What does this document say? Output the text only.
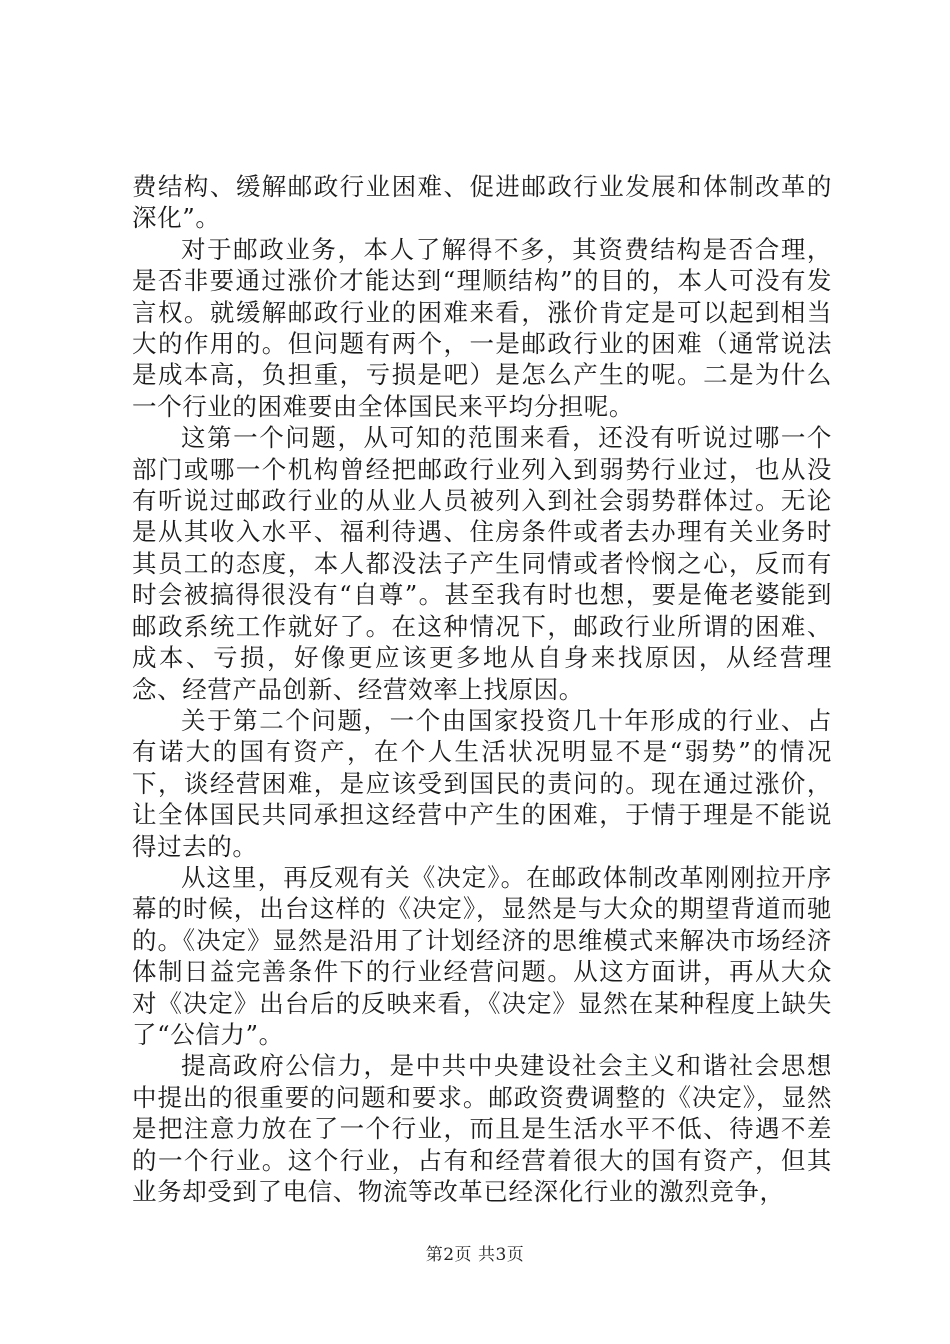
费结构、缓解邮政行业困难、促进邮政行业发展和体制改革的深化”。

对于邮政业务，本人了解得不多，其资费结构是否合理，是否非要通过涨价才能达到“理顺结构”的目的，本人可没有发言权。就缓解邮政行业的困难来看，涨价肯定是可以起到相当大的作用的。但问题有两个，一是邮政行业的困难（通常说法是成本高，负担重，亏损是吧）是怎么产生的呢。二是为什么一个行业的困难要由全体国民来平均分担呢。

这第一个问题，从可知的范围来看，还没有听说过哪一个部门或哪一个机构曾经把邮政行业列入到弱势行业过，也从没有听说过邮政行业的从业人员被列入到社会弱势群体过。无论是从其收入水平、福利待遇、住房条件或者去办理有关业务时其员工的态度，本人都没法子产生同情或者怜悯之心，反而有时会被搞得很没有“自尊”。甚至我有时也想，要是俺老婆能到邮政系统工作就好了。在这种情况下，邮政行业所谓的困难、成本、亏损，好像更应该更多地从自身来找原因，从经营理念、经营产品创新、经营效率上找原因。

关于第二个问题，一个由国家投资几十年形成的行业、占有诺大的国有资产，在个人生活状况明显不是“弱势”的情况下，谈经营困难，是应该受到国民的责问的。现在通过涨价，让全体国民共同承担这经营中产生的困难，于情于理是不能说得过去的。

从这里，再反观有关《决定》。在邮政体制改革刚刚拉开序幕的时候，出台这样的《决定》，显然是与大众的期望背道而驰的。《决定》显然是沿用了计划经济的思维模式来解决市场经济体制日益完善条件下的行业经营问题。从这方面讲，再从大众对《决定》出台后的反映来看，《决定》显然在某种程度上缺失了“公信力”。

提高政府公信力，是中共中央建设社会主义和谐社会思想中提出的很重要的问题和要求。邮政资费调整的《决定》，显然是把注意力放在了一个行业，而且是生活水平不低、待遇不差的一个行业。这个行业，占有和经营着很大的国有资产，但其业务却受到了电信、物流等改革已经深化行业的激烈竞争，

第2页 共3页
